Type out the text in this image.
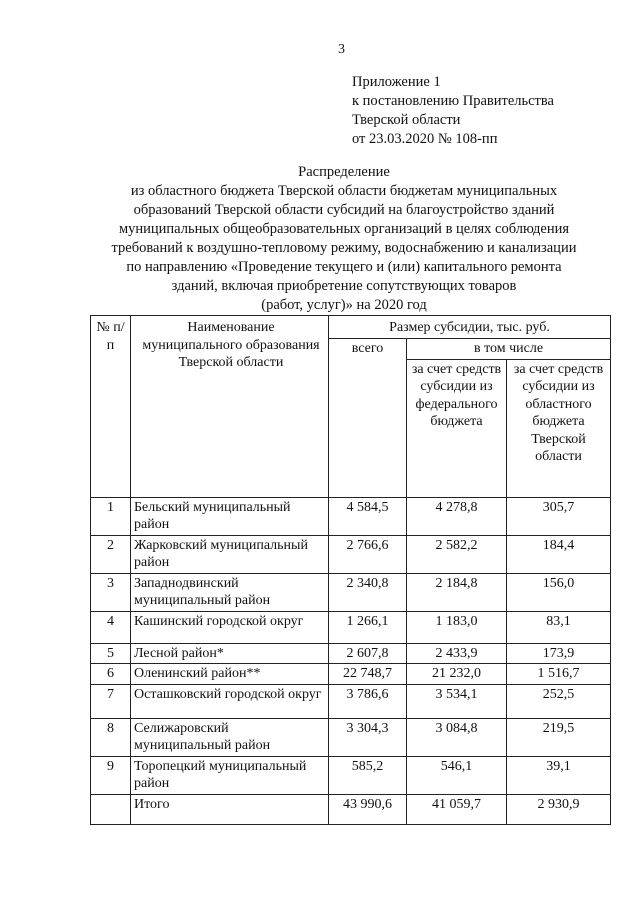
3
Приложение 1
к постановлению Правительства
Тверской области
от 23.03.2020 № 108-пп
Распределение
из областного бюджета Тверской области бюджетам муниципальных
образований Тверской области субсидий на благоустройство зданий
муниципальных общеобразовательных организаций в целях соблюдения
требований к воздушно-тепловому режиму, водоснабжению и канализации
по направлению «Проведение текущего и (или) капитального ремонта
зданий, включая приобретение сопутствующих товаров
(работ, услуг)» на 2020 год
№ п/п	Наименование муниципального образования Тверской области	Размер субсидии, тыс. руб.		
		всего	в том числе	
			за счет средств субсидии из федерального бюджета	за счет средств субсидии из областного бюджета Тверской области
1	Бельский муниципальный район	4 584,5	4 278,8	305,7
2	Жарковский муниципальный район	2 766,6	2 582,2	184,4
3	Западнодвинский муниципальный район	2 340,8	2 184,8	156,0
4	Кашинский городской округ	1 266,1	1 183,0	83,1
5	Лесной район*	2 607,8	2 433,9	173,9
6	Оленинский район**	22 748,7	21 232,0	1 516,7
7	Осташковский городской округ	3 786,6	3 534,1	252,5
8	Селижаровский муниципальный район	3 304,3	3 084,8	219,5
9	Торопецкий муниципальный район	585,2	546,1	39,1
	Итого	43 990,6	41 059,7	2 930,9
